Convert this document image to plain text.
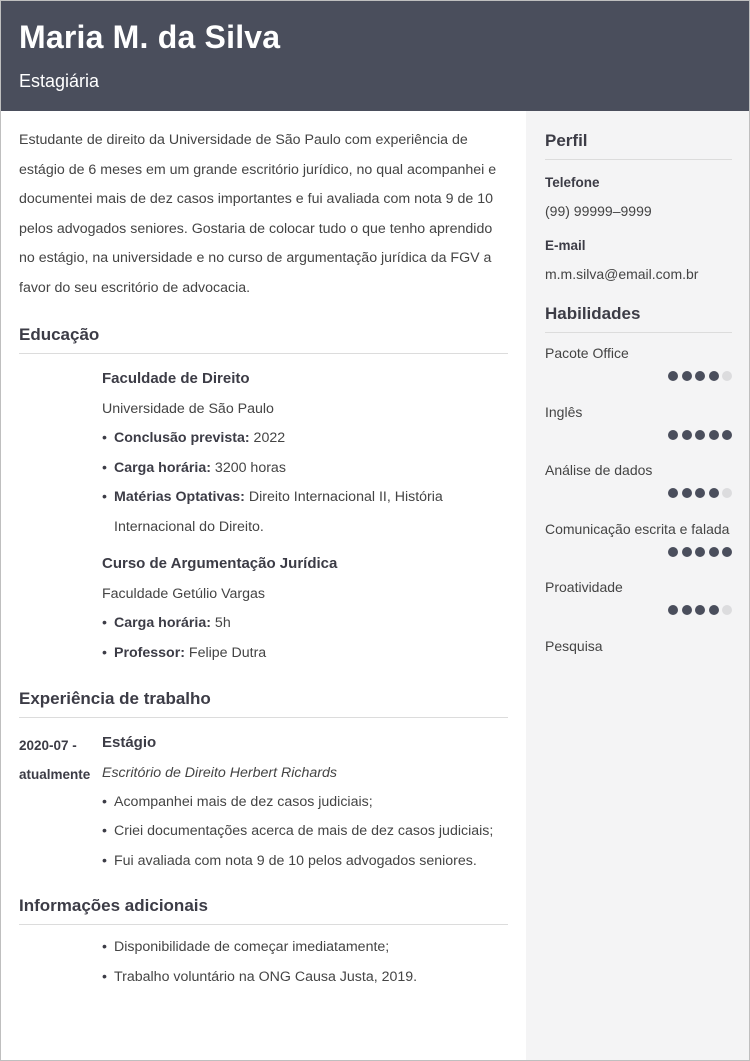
Maria M. da Silva
Estagiária
Estudante de direito da Universidade de São Paulo com experiência de estágio de 6 meses em um grande escritório jurídico, no qual acompanhei e documentei mais de dez casos importantes e fui avaliada com nota 9 de 10 pelos advogados seniores. Gostaria de colocar tudo o que tenho aprendido no estágio, na universidade e no curso de argumentação jurídica da FGV a favor do seu escritório de advocacia.
Educação
Faculdade de Direito
Universidade de São Paulo
• Conclusão prevista: 2022
• Carga horária: 3200 horas
• Matérias Optativas: Direito Internacional II, História Internacional do Direito.
Curso de Argumentação Jurídica
Faculdade Getúlio Vargas
• Carga horária: 5h
• Professor: Felipe Dutra
Experiência de trabalho
2020-07 - atualmente
Estágio
Escritório de Direito Herbert Richards
• Acompanhei mais de dez casos judiciais;
• Criei documentações acerca de mais de dez casos judiciais;
• Fui avaliada com nota 9 de 10 pelos advogados seniores.
Informações adicionais
• Disponibilidade de começar imediatamente;
• Trabalho voluntário na ONG Causa Justa, 2019.
Perfil
Telefone
(99) 99999–9999
E-mail
m.m.silva@email.com.br
Habilidades
Pacote Office
Inglês
Análise de dados
Comunicação escrita e falada
Proatividade
Pesquisa
